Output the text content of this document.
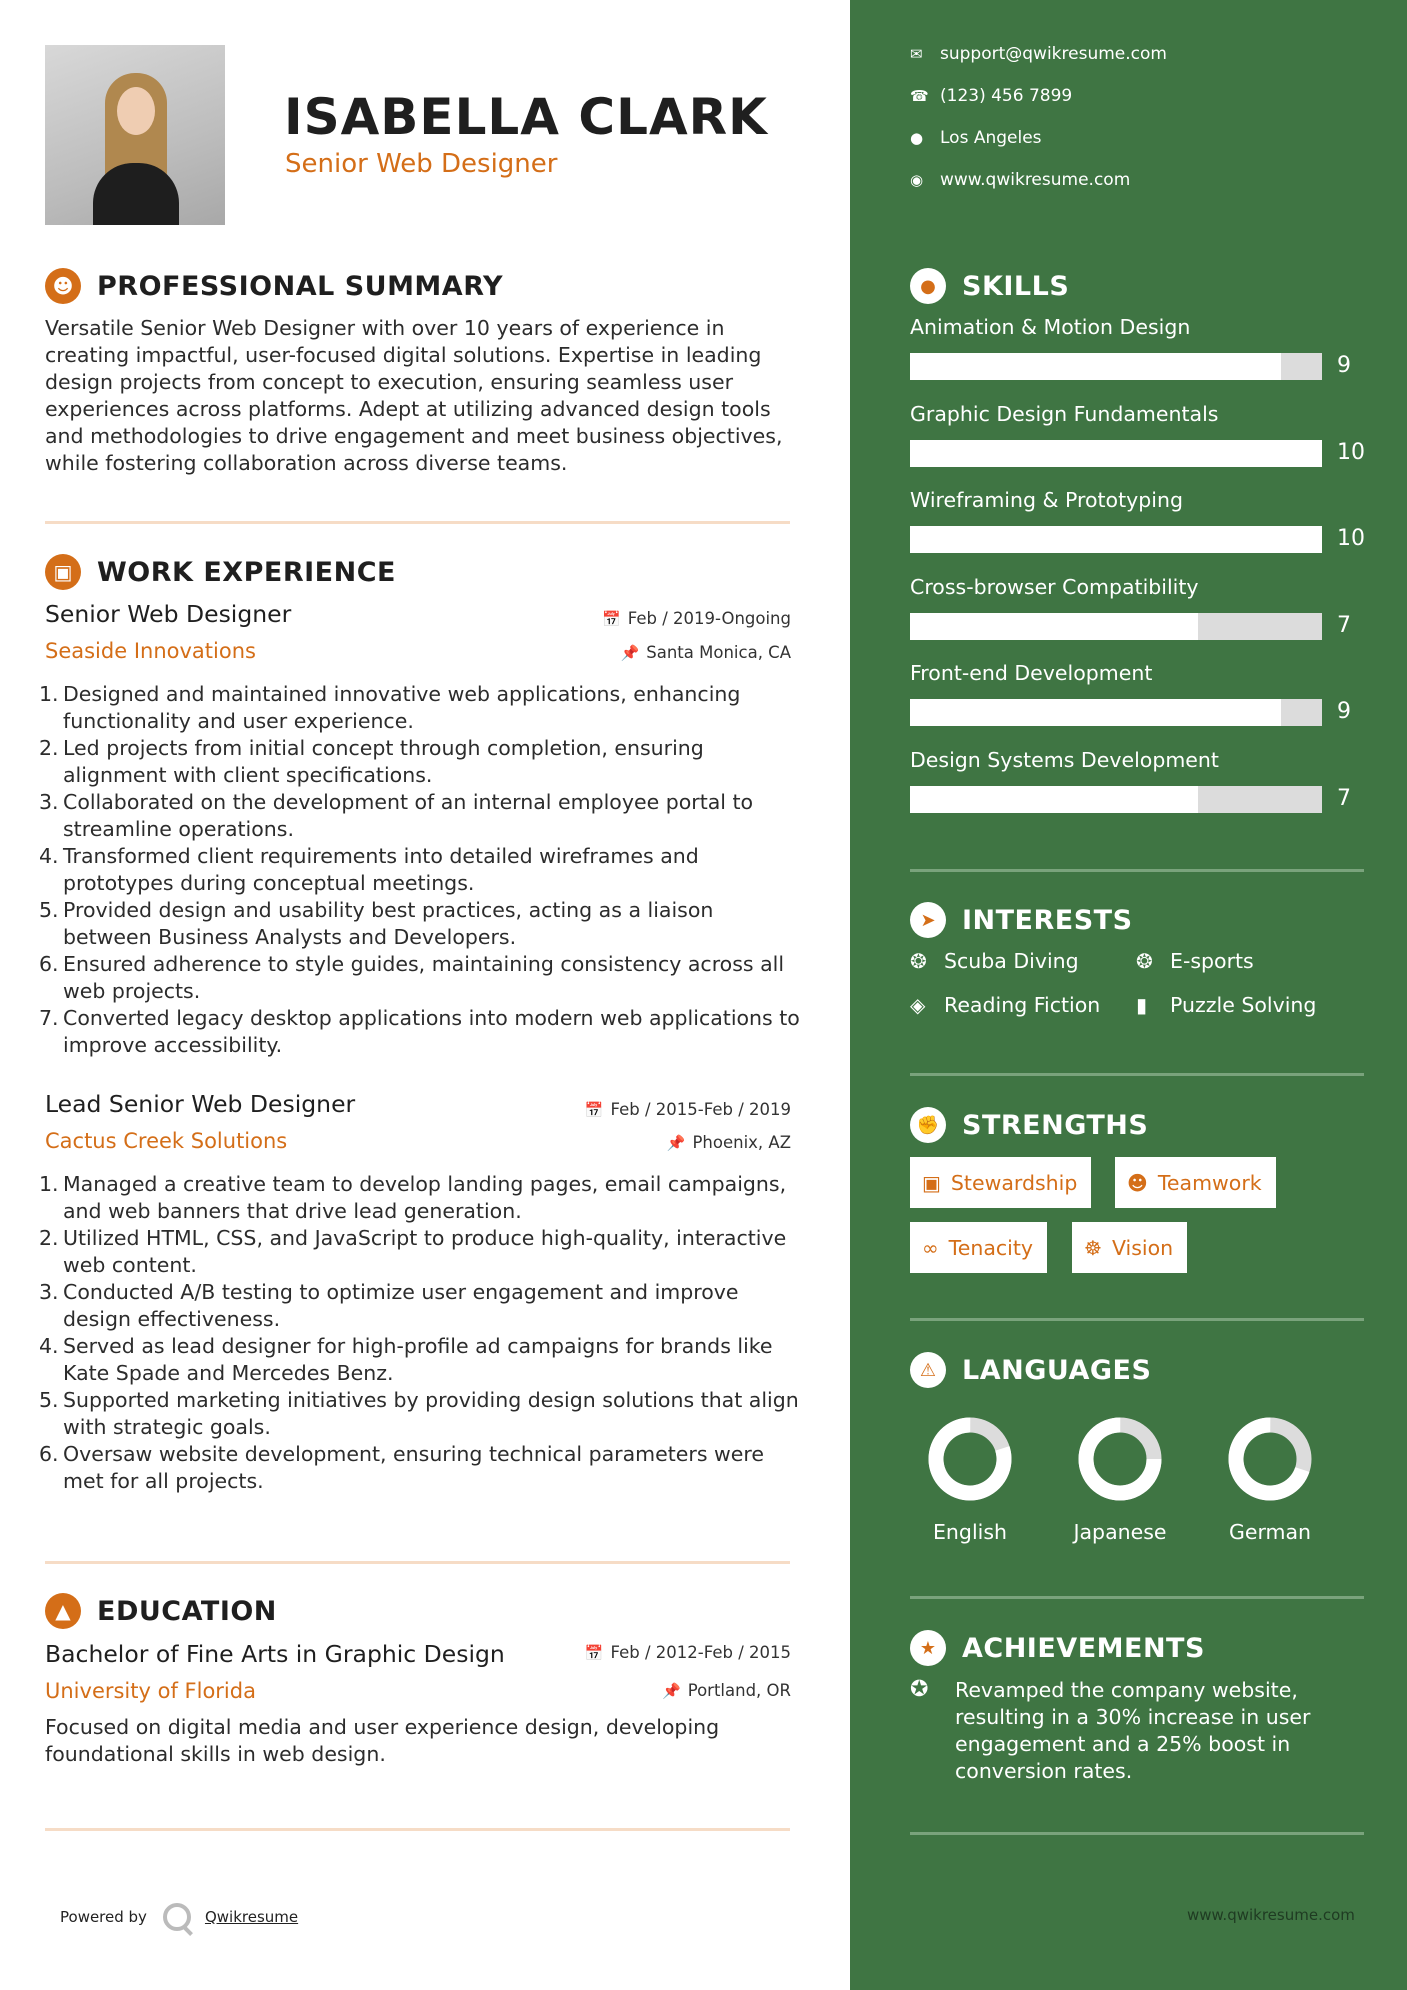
ISABELLA CLARK
Senior Web Designer
☻ PROFESSIONAL SUMMARY
Versatile Senior Web Designer with over 10 years of experience in creating impactful, user-focused digital solutions. Expertise in leading design projects from concept to execution, ensuring seamless user experiences across platforms. Adept at utilizing advanced design tools and methodologies to drive engagement and meet business objectives, while fostering collaboration across diverse teams.
▣ WORK EXPERIENCE
Senior Web Designer	📅 Feb / 2019-Ongoing
Seaside Innovations	📌 Santa Monica, CA
1. Designed and maintained innovative web applications, enhancing functionality and user experience.
2. Led projects from initial concept through completion, ensuring alignment with client specifications.
3. Collaborated on the development of an internal employee portal to streamline operations.
4. Transformed client requirements into detailed wireframes and prototypes during conceptual meetings.
5. Provided design and usability best practices, acting as a liaison between Business Analysts and Developers.
6. Ensured adherence to style guides, maintaining consistency across all web projects.
7. Converted legacy desktop applications into modern web applications to improve accessibility.
Lead Senior Web Designer	📅 Feb / 2015-Feb / 2019
Cactus Creek Solutions	📌 Phoenix, AZ
1. Managed a creative team to develop landing pages, email campaigns, and web banners that drive lead generation.
2. Utilized HTML, CSS, and JavaScript to produce high-quality, interactive web content.
3. Conducted A/B testing to optimize user engagement and improve design effectiveness.
4. Served as lead designer for high-profile ad campaigns for brands like Kate Spade and Mercedes Benz.
5. Supported marketing initiatives by providing design solutions that align with strategic goals.
6. Oversaw website development, ensuring technical parameters were met for all projects.
▲ EDUCATION
Bachelor of Fine Arts in Graphic Design	📅 Feb / 2012-Feb / 2015
University of Florida	📌 Portland, OR
Focused on digital media and user experience design, developing foundational skills in web design.
Powered by	Qwikresume
✉	support@qwikresume.com
☎ (123) 456 7899
● Los Angeles
◉ www.qwikresume.com
● SKILLS
Animation & Motion Design
9
Graphic Design Fundamentals
10
Wireframing & Prototyping
10
Cross-browser Compatibility
7
Front-end Development
9
Design Systems Development
7
➤ INTERESTS
❂ Scuba Diving	❂ E-sports
◈ Reading Fiction ▮	Puzzle Solving
✊ STRENGTHS
▣ Stewardship ☻ Teamwork
∞ Tenacity	☸ Vision
⚠ LANGUAGES
English	Japanese	German
★ ACHIEVEMENTS
✪	Revamped the company website, resulting in a 30% increase in user engagement and a 25% boost in conversion rates.
www.qwikresume.com
